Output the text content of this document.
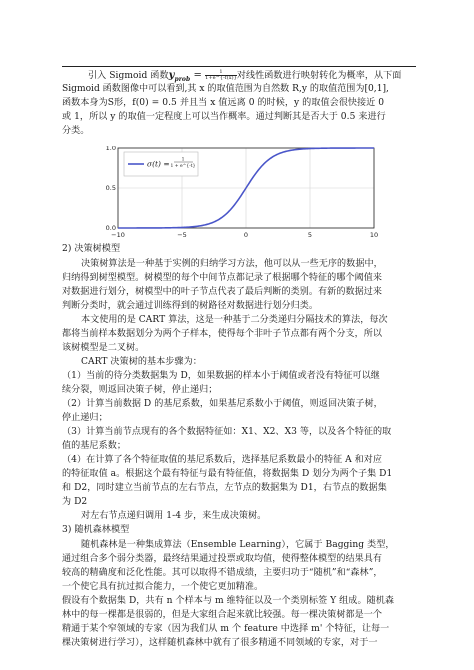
引入 Sigmoid 函数$y_{prob} = \frac{1}{1+e\^{}\{-f(x)\}}$对线性函数进行映射转化为概率，从下面
Sigmoid 函数图像中可以看到,其 x 的取值范围为自然数 R,y 的取值范围为[0,1],
函数本身为S形，f(0) = 0.5 并且当 x 值远离 0 的时候，y 的取值会很快接近 0
或 1，所以 y 的取值一定程度上可以当作概率。通过判断其是否大于 0.5 来进行
分类。
−10	−5	0	5	10
0.0
0.5
1.0
σ(t) =	1
1 + e^{-t}
2) 决策树模型
决策树算法是一种基于实例的归纳学习方法，他可以从一些无序的数据中，
归纳得到树型模型。树模型的每个中间节点都记录了根据哪个特征的哪个阈值来
对数据进行划分，树模型中的叶子节点代表了最后判断的类别。有新的数据过来
判断分类时，就会通过训练得到的树路径对数据进行划分归类。
本文使用的是 CART 算法，这是一种基于二分类递归分隔技术的算法，每次
都将当前样本数据划分为两个子样本，使得每个非叶子节点都有两个分支，所以
该树模型是二叉树。
CART 决策树的基本步骤为：
（1）当前的待分类数据集为 D，如果数据的样本小于阈值或者没有特征可以继
续分裂，则返回决策子树，停止递归；
（2）计算当前数据 D 的基尼系数，如果基尼系数小于阈值，则返回决策子树，
停止递归；
（3）计算当前节点现有的各个数据特征如：X1、X2、X3 等，以及各个特征的取
值的基尼系数；
（4）在计算了各个特征取值的基尼系数后，选择基尼系数最小的特征 A 和对应
的特征取值 a。根据这个最有特征与最有特征值，将数据集 D 划分为两个子集 D1
和 D2，同时建立当前节点的左右节点，左节点的数据集为 D1，右节点的数据集
为 D2
对左右节点递归调用 1-4 步，来生成决策树。
3) 随机森林模型
随机森林是一种集成算法（Ensemble Learning），它属于 Bagging 类型，
通过组合多个弱分类器，最终结果通过投票或取均值，使得整体模型的结果具有
较高的精确度和泛化性能。其可以取得不错成绩，主要归功于“随机”和“森林”，
一个使它具有抗过拟合能力，一个使它更加精准。
假设有个数据集 D，共有 n 个样本与 m 维特征以及一个类别标签 Y 组成。随机森
林中的每一棵都是很弱的，但是大家组合起来就比较强。每一棵决策树都是一个
精通于某个窄领域的专家（因为我们从 m 个 feature 中选择 m' 个特征，让每一
棵决策树进行学习），这样随机森林中就有了很多精通不同领域的专家，对于一
